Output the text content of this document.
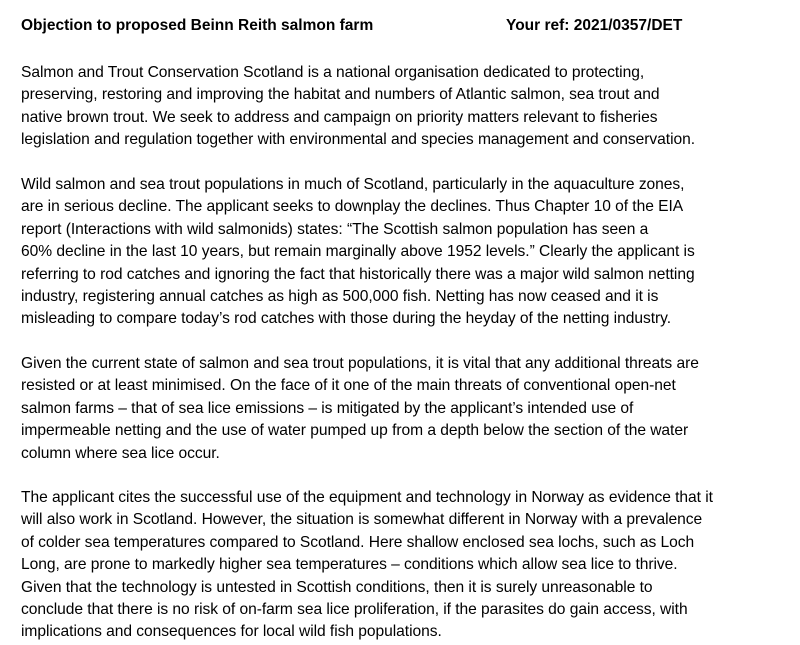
Objection to proposed Beinn Reith salmon farm	Your ref: 2021/0357/DET

Salmon and Trout Conservation Scotland is a national organisation dedicated to protecting,
preserving, restoring and improving the habitat and numbers of Atlantic salmon, sea trout and
native brown trout. We seek to address and campaign on priority matters relevant to fisheries
legislation and regulation together with environmental and species management and conservation.

Wild salmon and sea trout populations in much of Scotland, particularly in the aquaculture zones,
are in serious decline. The applicant seeks to downplay the declines. Thus Chapter 10 of the EIA
report (Interactions with wild salmonids) states: “The Scottish salmon population has seen a
60% decline in the last 10 years, but remain marginally above 1952 levels.” Clearly the applicant is
referring to rod catches and ignoring the fact that historically there was a major wild salmon netting
industry, registering annual catches as high as 500,000 fish. Netting has now ceased and it is
misleading to compare today’s rod catches with those during the heyday of the netting industry.

Given the current state of salmon and sea trout populations, it is vital that any additional threats are
resisted or at least minimised. On the face of it one of the main threats of conventional open-net
salmon farms – that of sea lice emissions – is mitigated by the applicant’s intended use of
impermeable netting and the use of water pumped up from a depth below the section of the water
column where sea lice occur.

The applicant cites the successful use of the equipment and technology in Norway as evidence that it
will also work in Scotland. However, the situation is somewhat different in Norway with a prevalence
of colder sea temperatures compared to Scotland. Here shallow enclosed sea lochs, such as Loch
Long, are prone to markedly higher sea temperatures – conditions which allow sea lice to thrive.
Given that the technology is untested in Scottish conditions, then it is surely unreasonable to
conclude that there is no risk of on-farm sea lice proliferation, if the parasites do gain access, with
implications and consequences for local wild fish populations.
